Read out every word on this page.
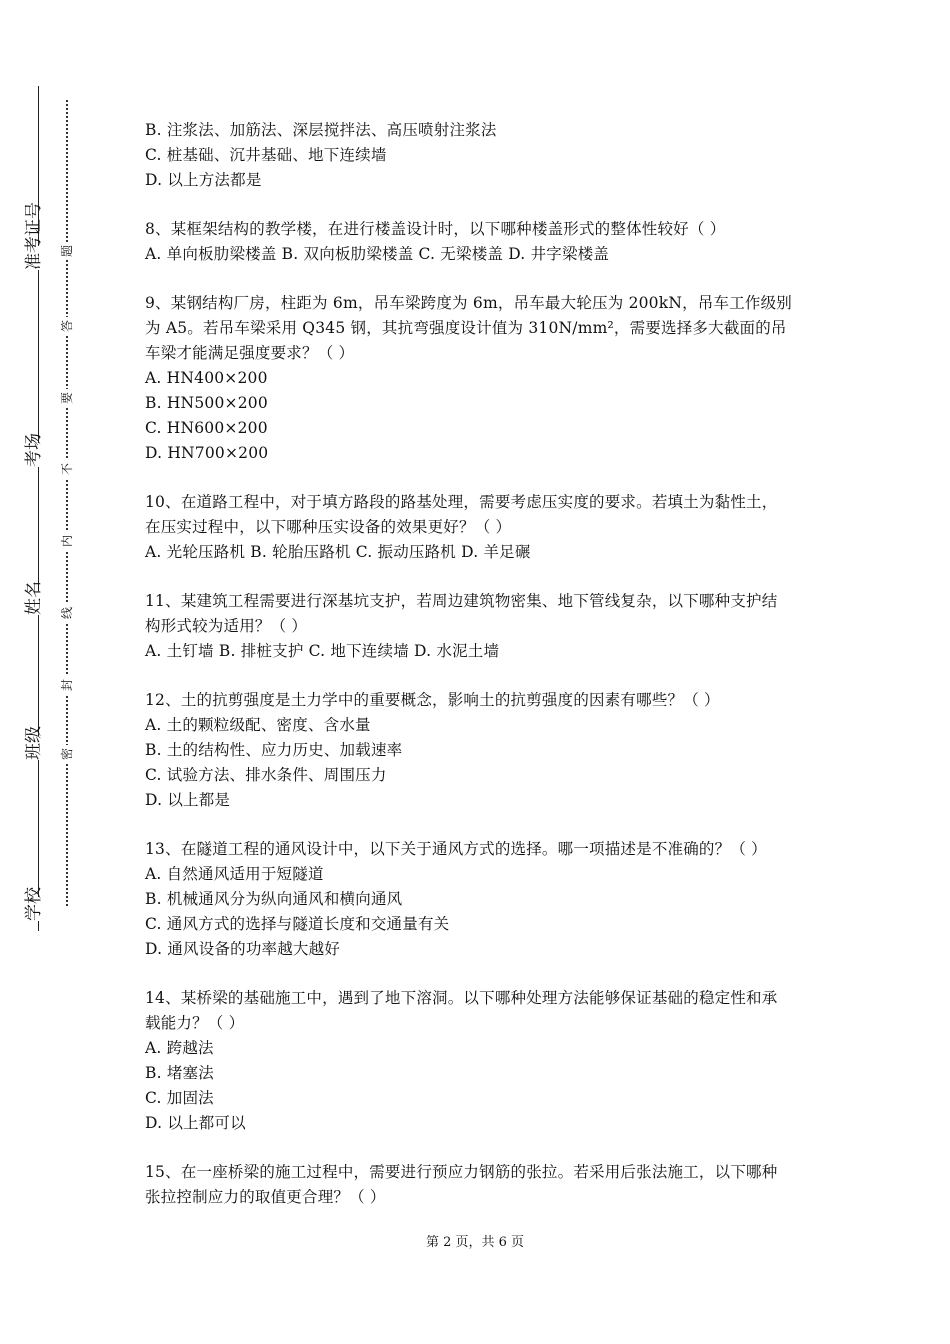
准考证号
考场
姓名
班级
学校
题
答
要
不
内
线
封
密
B. 注浆法、加筋法、深层搅拌法、高压喷射注浆法
C. 桩基础、沉井基础、地下连续墙
D. 以上方法都是
8、某框架结构的教学楼，在进行楼盖设计时，以下哪种楼盖形式的整体性较好（ ）
A. 单向板肋梁楼盖 B. 双向板肋梁楼盖 C. 无梁楼盖 D. 井字梁楼盖
9、某钢结构厂房，柱距为 6m，吊车梁跨度为 6m，吊车最大轮压为 200kN，吊车工作级别
为 A5。若吊车梁采用 Q345 钢，其抗弯强度设计值为 310N/mm²，需要选择多大截面的吊
车梁才能满足强度要求？（ ）
A. HN400×200
B. HN500×200
C. HN600×200
D. HN700×200
10、在道路工程中，对于填方路段的路基处理，需要考虑压实度的要求。若填土为黏性土，
在压实过程中，以下哪种压实设备的效果更好？（ ）
A. 光轮压路机 B. 轮胎压路机 C. 振动压路机 D. 羊足碾
11、某建筑工程需要进行深基坑支护，若周边建筑物密集、地下管线复杂，以下哪种支护结
构形式较为适用？（ ）
A. 土钉墙 B. 排桩支护 C. 地下连续墙 D. 水泥土墙
12、土的抗剪强度是土力学中的重要概念，影响土的抗剪强度的因素有哪些？（ ）
A. 土的颗粒级配、密度、含水量
B. 土的结构性、应力历史、加载速率
C. 试验方法、排水条件、周围压力
D. 以上都是
13、在隧道工程的通风设计中，以下关于通风方式的选择。哪一项描述是不准确的？（ ）
A. 自然通风适用于短隧道
B. 机械通风分为纵向通风和横向通风
C. 通风方式的选择与隧道长度和交通量有关
D. 通风设备的功率越大越好
14、某桥梁的基础施工中，遇到了地下溶洞。以下哪种处理方法能够保证基础的稳定性和承
载能力？（ ）
A. 跨越法
B. 堵塞法
C. 加固法
D. 以上都可以
15、在一座桥梁的施工过程中，需要进行预应力钢筋的张拉。若采用后张法施工，以下哪种
张拉控制应力的取值更合理？（ ）
第 2 页，共 6 页
